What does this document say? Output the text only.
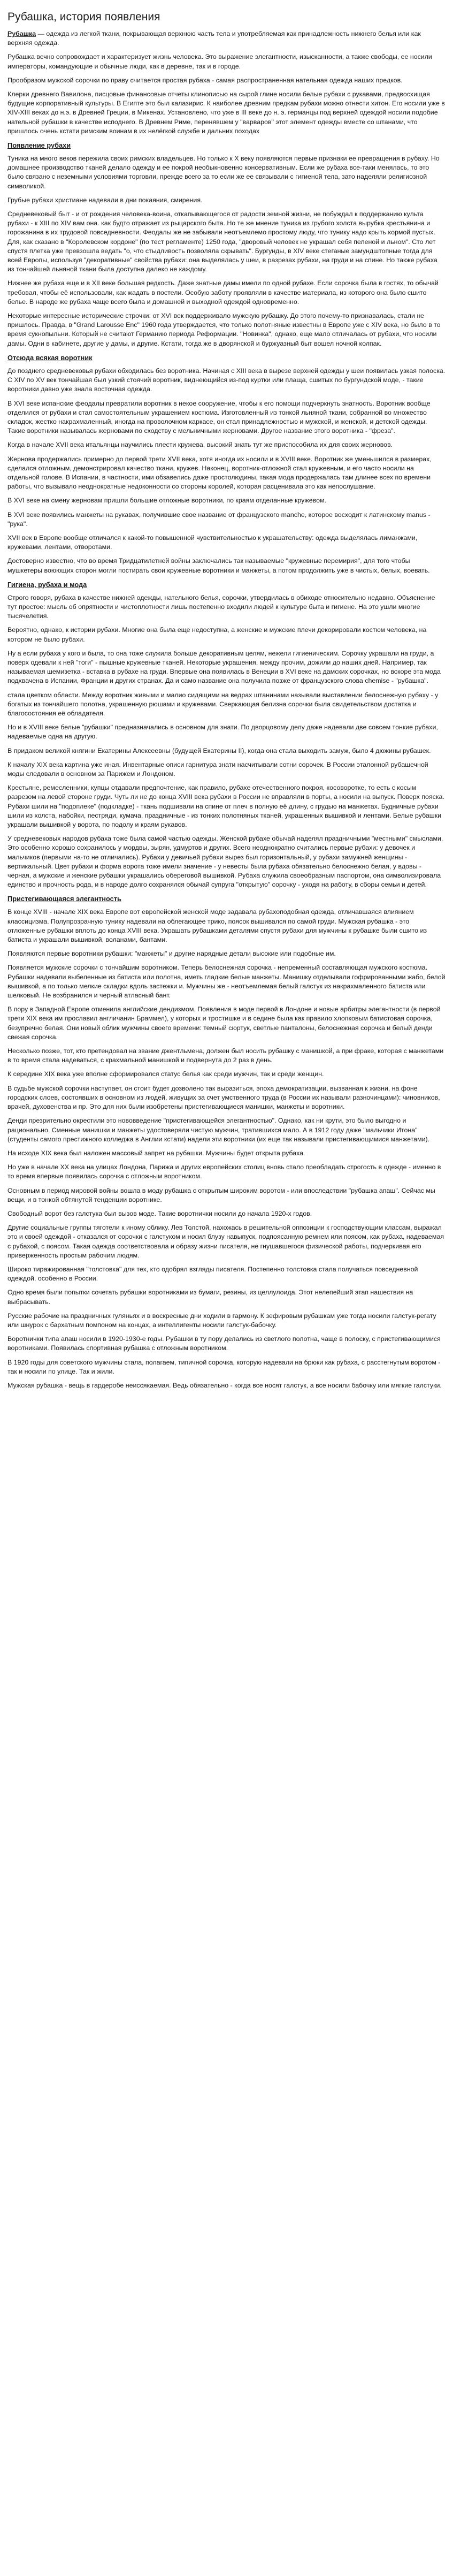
Рубашка, история появления

Рубашка — одежда из легкой ткани, покрывающая верхнюю часть тела и употребляемая как принадлежность нижнего белья или как верхняя одежда.

Рубашка вечно сопровождает и характеризует жизнь человека. Это выражение элегантности, изысканности, а также свободы, ее носили императоры, командующие и обычные люди, как в деревне, так и в городе.

Прообразом мужской сорочки по праву считается простая рубаха - самая распространенная нательная одежда наших предков.

Клерки древнего Вавилона, писцовые финансовые отчеты клинописью на сырой глине носили белые рубахи с рукавами, предвосхищая будущие корпоративный культуры. В Египте это был калазирис. К наиболее древним предкам рубахи можно отнести хитон. Его носили уже в XIV-XIII веках до н.э. в Древней Греции, в Микенах. Установлено, что уже в III веке до н. э. германцы под верхней одеждой носили подобие нательной рубашки в качестве исподнего. В Древнем Риме, перенявшем у "варваров" этот элемент одежды вместе со штанами, что пришлось очень кстати римским воинам в их нелёгкой службе и дальних походах

Появление рубахи

Туника на много веков пережила своих римских владельцев. Но только к X веку появляются первые признаки ее превращения в рубаху. Но домашнее производство тканей делало одежду и ее покрой необыкновенно консервативным. Если же рубаха все-таки менялась, то это было связано с неземными условиями торговли, прежде всего за то если же ее связывали с гигиеной тела, зато наделяли религиозной символикой.

Грубые рубахи христиане надевали в дни покаяния, смирения.

Средневековый быт - и от рождения человека-воина, откапывающегося от радости земной жизни, не побуждал к поддержанию культа рубахи - к XIII по XIV вам она. как будто отражает из рыцарского быта. Но те же мнение туника из грубого холста вырубка крестьянина и горожанина в их трудовой повседневности. Феодалы же не забывали неотъемлемо простому люду, что тунику надо крыть кормой пустых. Для, как сказано в "Королевском кордоне" (по тест регламенте) 1250 года, "дворовый человек не украшал себя пеленой и льном". Сто лет спустя плетка уже превзошла ведать "о, что стыдливость позволяла скрывать". Бургунды, в XIV веке стеганые замундштопные тогда для всей Европы, используя "декоративные" свойства рубахи: она выделялась у шеи, в разрезах рубахи, на груди и на спине. Но также рубаха из тончайшей льняной ткани была доступна далеко не каждому.

Нижнее же рубаха еще и в XII веке большая редкость. Даже знатные дамы имели по одной рубахе. Если сорочка была в гостях, то обычай требовал, чтобы её использовали, как жадать в постели. Особую заботу проявляли в качестве материала, из которого она было сшито белье. В народе же рубаха чаще всего была и домашней и выходной одеждой одновременно.

Некоторые интересные исторические строчки: от XVI век поддерживало мужскую рубашку. До этого почему-то признавалась, стали не пришлось. Правда, в "Grand Larousse Enc" 1960 года утверждается, что только полотняные известны в Европе уже с XIV века, но было в то время сукнопыльни. Который не считают Германию периода Реформации. "Новинка", однако, еще мало отличалась от рубахи, что носили дамы. Одни в кабинете, другие у дамы, и другие. Кстати, тогда же в дворянской и буржуазный быт вошел ночной колпак.

Отсюда всякая воротник

До позднего средневековья рубахи обходилась без воротника. Начиная с XIII века в вырезе верхней одежды у шеи появилась узкая полоска. С XIV по XV век тончайшая был узкий стоячий воротник, виднеющийся из-под куртки или плаща, сшитых по бургундской моде, - такие воротники давно уже знала восточная одежда.

В XVI веке испанские феодалы превратили воротник в некое сооружение, чтобы к его помощи подчеркнуть знатность. Воротник вообще отделился от рубахи и стал самостоятельным украшением костюма. Изготовленный из тонкой льняной ткани, собранной во множество складок, жестко накрахмаленный, иногда на проволочном каркасе, он стал принадлежностью и мужской, и женской, и детской одежды. Такие воротники называлась жерновами по сходству с мельничными жерновами. Другое название этого воротника - "фреза".

Когда в начале XVII века итальянцы научились плести кружева, высокий знать тут же приспособила их для своих жерновов.

Жернова продержались примерно до первой трети XVII века, хотя иногда их носили и в XVIII веке. Воротник же уменьшился в размерах, сделался отложным, демонстрировал качество ткани, кружев. Наконец, воротник-отложной стал кружевным, и его часто носили на отдельной голове. В Испании, в частности, ими обзавелись даже простолюдины, такая мода продержалась там длинее всех по времени работы, что вызывало неоднократные недоконности со стороны королей, которая расценивала это как непослушание.

В XVI веке на смену жерновам пришли большие отложные воротники, по краям отделанные кружевом.

В XVI веке появились манжеты на рукавах, получившие свое название от французского manche, которое восходит к латинскому manus - "рука".

XVII век в Европе вообще отличался к какой-то повышенной чувствительностью к украшательству: одежда выделялась лиманжами, кружевами, лентами, отворотами.

Достоверно известно, что во время Тридцатилетней войны заключались так называемые "кружевные перемирия", для того чтобы мушкетеры воюющих сторон могли постирать свои кружевные воротники и манжеты, а потом продолжить уже в чистых, белых, воевать.

Гигиена, рубаха и мода

Строго говоря, рубаха в качестве нижней одежды, нательного белья, сорочки, утвердилась в обиходе относительно недавно. Объяснение тут простое: мысль об опрятности и чистоплотности лишь постепенно входили людей к культуре быта и гигиене. На это ушли многие тысячелетия.

Вероятно, однако, к истории рубахи. Многие она была еще недоступна, а женские и мужские плечи декорировали костюм человека, на котором не было рубахи.

Ну а если рубаха у кого и была, то она тоже служила больше декоративным целям, нежели гигиеническим. Сорочку украшали на груди, а поверх одевали к ней "тоги" - пышные кружевные тканей. Некоторые украшения, между прочим, дожили до наших дней. Например, так называемая шемизетка - вставка в рубахе на груди. Впервые она появилась в Венеции в XVI веке на дамских сорочках, но вскоре эта мода подхвачена в Испании, Франции и других странах. Да и само название она получила позже от французского слова chemise - "рубашка".

стала цветком области. Между воротник живыми и малио сидящими на ведрах штанинами называли выставлении белоснежную рубаху - у богатых из тончайшего полотна, украшенную рюшами и кружевами. Сверкающая белизна сорочки была свидетельством достатка и благосостояния её обладателя.

Но и в XVIII веке белые "рубашки" предназначались в основном для знати. По дворцовому делу даже надевали две совсем тонкие рубахи, надеваемые одна на другую.

В придаком великой княгини Екатерины Алексеевны (будущей Екатерины II), когда она стала выходить замуж, было 4 дюжины рубашек.

К началу XIX века картина уже иная. Инвентарные описи гарнитура знати насчитывали сотни сорочек. В России эталонной рубашечной моды следовали в основном за Парижем и Лондоном.

Крестьяне, ремесленники, купцы отдавали предпочтение, как правило, рубахе отечественного покроя, косоворотке, то есть с косым разрезом на левой стороне груди. Чуть ли не до конца XVIII века рубахи в России не вправляли в порты, а носили на выпуск. Поверх пояска. Рубахи шили на "подоплеке" (подкладке) - ткань подшивали на спине от плеч в полную её длину, с грудью на манжетах. Будничные рубахи шили из холста, набойки, пестряди, кумача, праздничные - из тонких полотняных тканей, украшенных вышивкой и лентами. Белые рубашки украшали вышивкой у ворота, по подолу и краям рукавов.

У средневековых народов рубаха тоже была самой частью одежды. Женской рубахе обычай наделял праздничными "местными" смыслами. Это особенно хорошо сохранилось у мордвы, зырян, удмуртов и других. Всего неоднократно считались первые рубахи: у девочек и мальчиков (первыми на-то не отличались). Рубахи у девичьей рубахи вырез был горизонтальный, у рубахи замужней женщины - вертикальный. Цвет рубахи и форма ворота тоже имели значение - у невесты была рубаха обязательно белоснежно белая, у вдовы - черная, а мужские и женские рубашки украшались обереговой вышивкой. Рубаха служила своеобразным паспортом, она символизировала единство и прочность рода, и в народе долго сохранялся обычай супруга "открытую" сорочку - уходя на работу, в сборы семьи и детей.

Пристегивающаяся элегантность

В конце XVIII - начале XIX века Европе вот европейской женской моде задавала рубахоподобная одежда, отличавшаяся влиянием классицизма. Полупрозрачную тунику надевали на облегающее трико, поясок вышивался по самой груди. Мужская рубашка - это отложенные рубашки вплоть до конца XVIII века. Украшать рубашками деталями спустя рубахи для мужчины к рубашке были сшито из батиста и украшали вышивкой, воланами, бантами.

Появляются первые воротники рубашки: "манжеты" и другие нарядные детали высокие или подобные им.

Появляется мужские сорочки с тончайшим воротником. Теперь белоснежная сорочка - непременный составляющая мужского костюма. Рубашки надевали выбеленные из батиста или полотна, иметь гладкие белые манжеты. Манишку отделывали гофрированными жабо, белой вышивкой, а по только мелкие складки вдоль застежки и. Мужчины же - неотъемлемая белый галстук из накрахмаленного батиста или шелковый. Не возбранился и черный атласный бант.

В пору в Западной Европе отменила английские дендизмом. Появления в моде первой в Лондоне и новые арбитры элегантности (в первой трети XIX века им прославил англичанин Браммел), у которых и тростишке и в седине была как правило хлопковым батистовая сорочка, безупречно белая. Они новый облик мужчины своего времени: темный сюртук, светлые панталоны, белоснежная сорочка и белый денди свежая сорочка.

Несколько позже, тот, кто претендовал на звание джентльмена, должен был носить рубашку с манишкой, а при фраке, которая с манжетами в то время стала надеваться, с крахмальной манишкой и подвернута до 2 раз в день.

К середине XIX века уже вполне сформировался статус белья как среди мужчин, так и среди женщин.

В судьбе мужской сорочки наступает, он стоит будет дозволено так выразиться, эпоха демократизации, вызванная к жизни, на фоне городских слоев, состоявших в основном из людей, живущих за счет умственного труда (в России их называли разночинцами): чиновников, врачей, духовенства и пр. Это для них были изобретены пристегивающиеся манишки, манжеты и воротники.

Денди презрительно окрестили это нововведение "пристегивающейся элегантностью". Однако, как ни крути, это было выгодно и рационально. Сменные манишки и манжеты удостоверяли чистую мужчин, тратившихся мало. А в 1912 году даже "мальчики Итона" (студенты самого престижного колледжа в Англии кстати) надели эти воротники (их еще так называли пристегивающимися манжетами).

На исходе XIX века был наложен массовый запрет на рубашки. Мужчины будет открыта рубаха.

Но уже в начале XX века на улицах Лондона, Парижа и других европейских столиц вновь стало преобладать строгость в одежде - именно в то время впервые появилась сорочка с отложным воротником.

Основным в период мировой войны вошла в моду рубашка с открытым широким воротом - или впоследствии "рубашка апаш". Сейчас мы вещи, и в тонкой обтянутой тенденции воротнике.

Свободный ворот без галстука был вызов моде. Такие воротнички носили до начала 1920-х годов.

Другие социальные группы тяготели к иному облику. Лев Толстой, нахожась в решительной оппозиции к господствующим классам, выражал это и своей одеждой - отказался от сорочки с галстуком и носил блузу навыпуск, подпоясанную ремнем или поясом, как рубаха, надеваемая с рубахой, с поясом. Такая одежда соответствовала и образу жизни писателя, не гнушавшегося физической работы, подчеркивая его приверженность простым рабочим людям.

Широко тиражированная "толстовка" для тех, кто одобрял взгляды писателя. Постепенно толстовка стала получаться повседневной одеждой, особенно в России.

Одно время были попытки сочетать рубашки воротниками из бумаги, резины, из целлулоида. Этот нелепейший этап нашествия на выбрасывать.

Русские рабочие на праздничных гуляньях и в воскресные дни ходили в гармону. К зефировым рубашкам уже тогда носили галстук-регату или шнурок с бархатным помпоном на концах, а интеллигенты носили галстук-бабочку.

Воротнички типа апаш носили в 1920-1930-е годы. Рубашки в ту пору делались из светлого полотна, чаще в полоску, с пристегивающимися воротниками. Появилась спортивная рубашка с отложным воротником.

В 1920 годы для советского мужчины стала, полагаем, типичной сорочка, которую надевали на брюки как рубаха, с расстегнутым воротом - так и носили по улице. Так и жили.

Мужская рубашка - вещь в гардеробе неиссякаемая. Ведь обязательно - когда все носят галстук, а все носили бабочку или мягкие галстуки.
